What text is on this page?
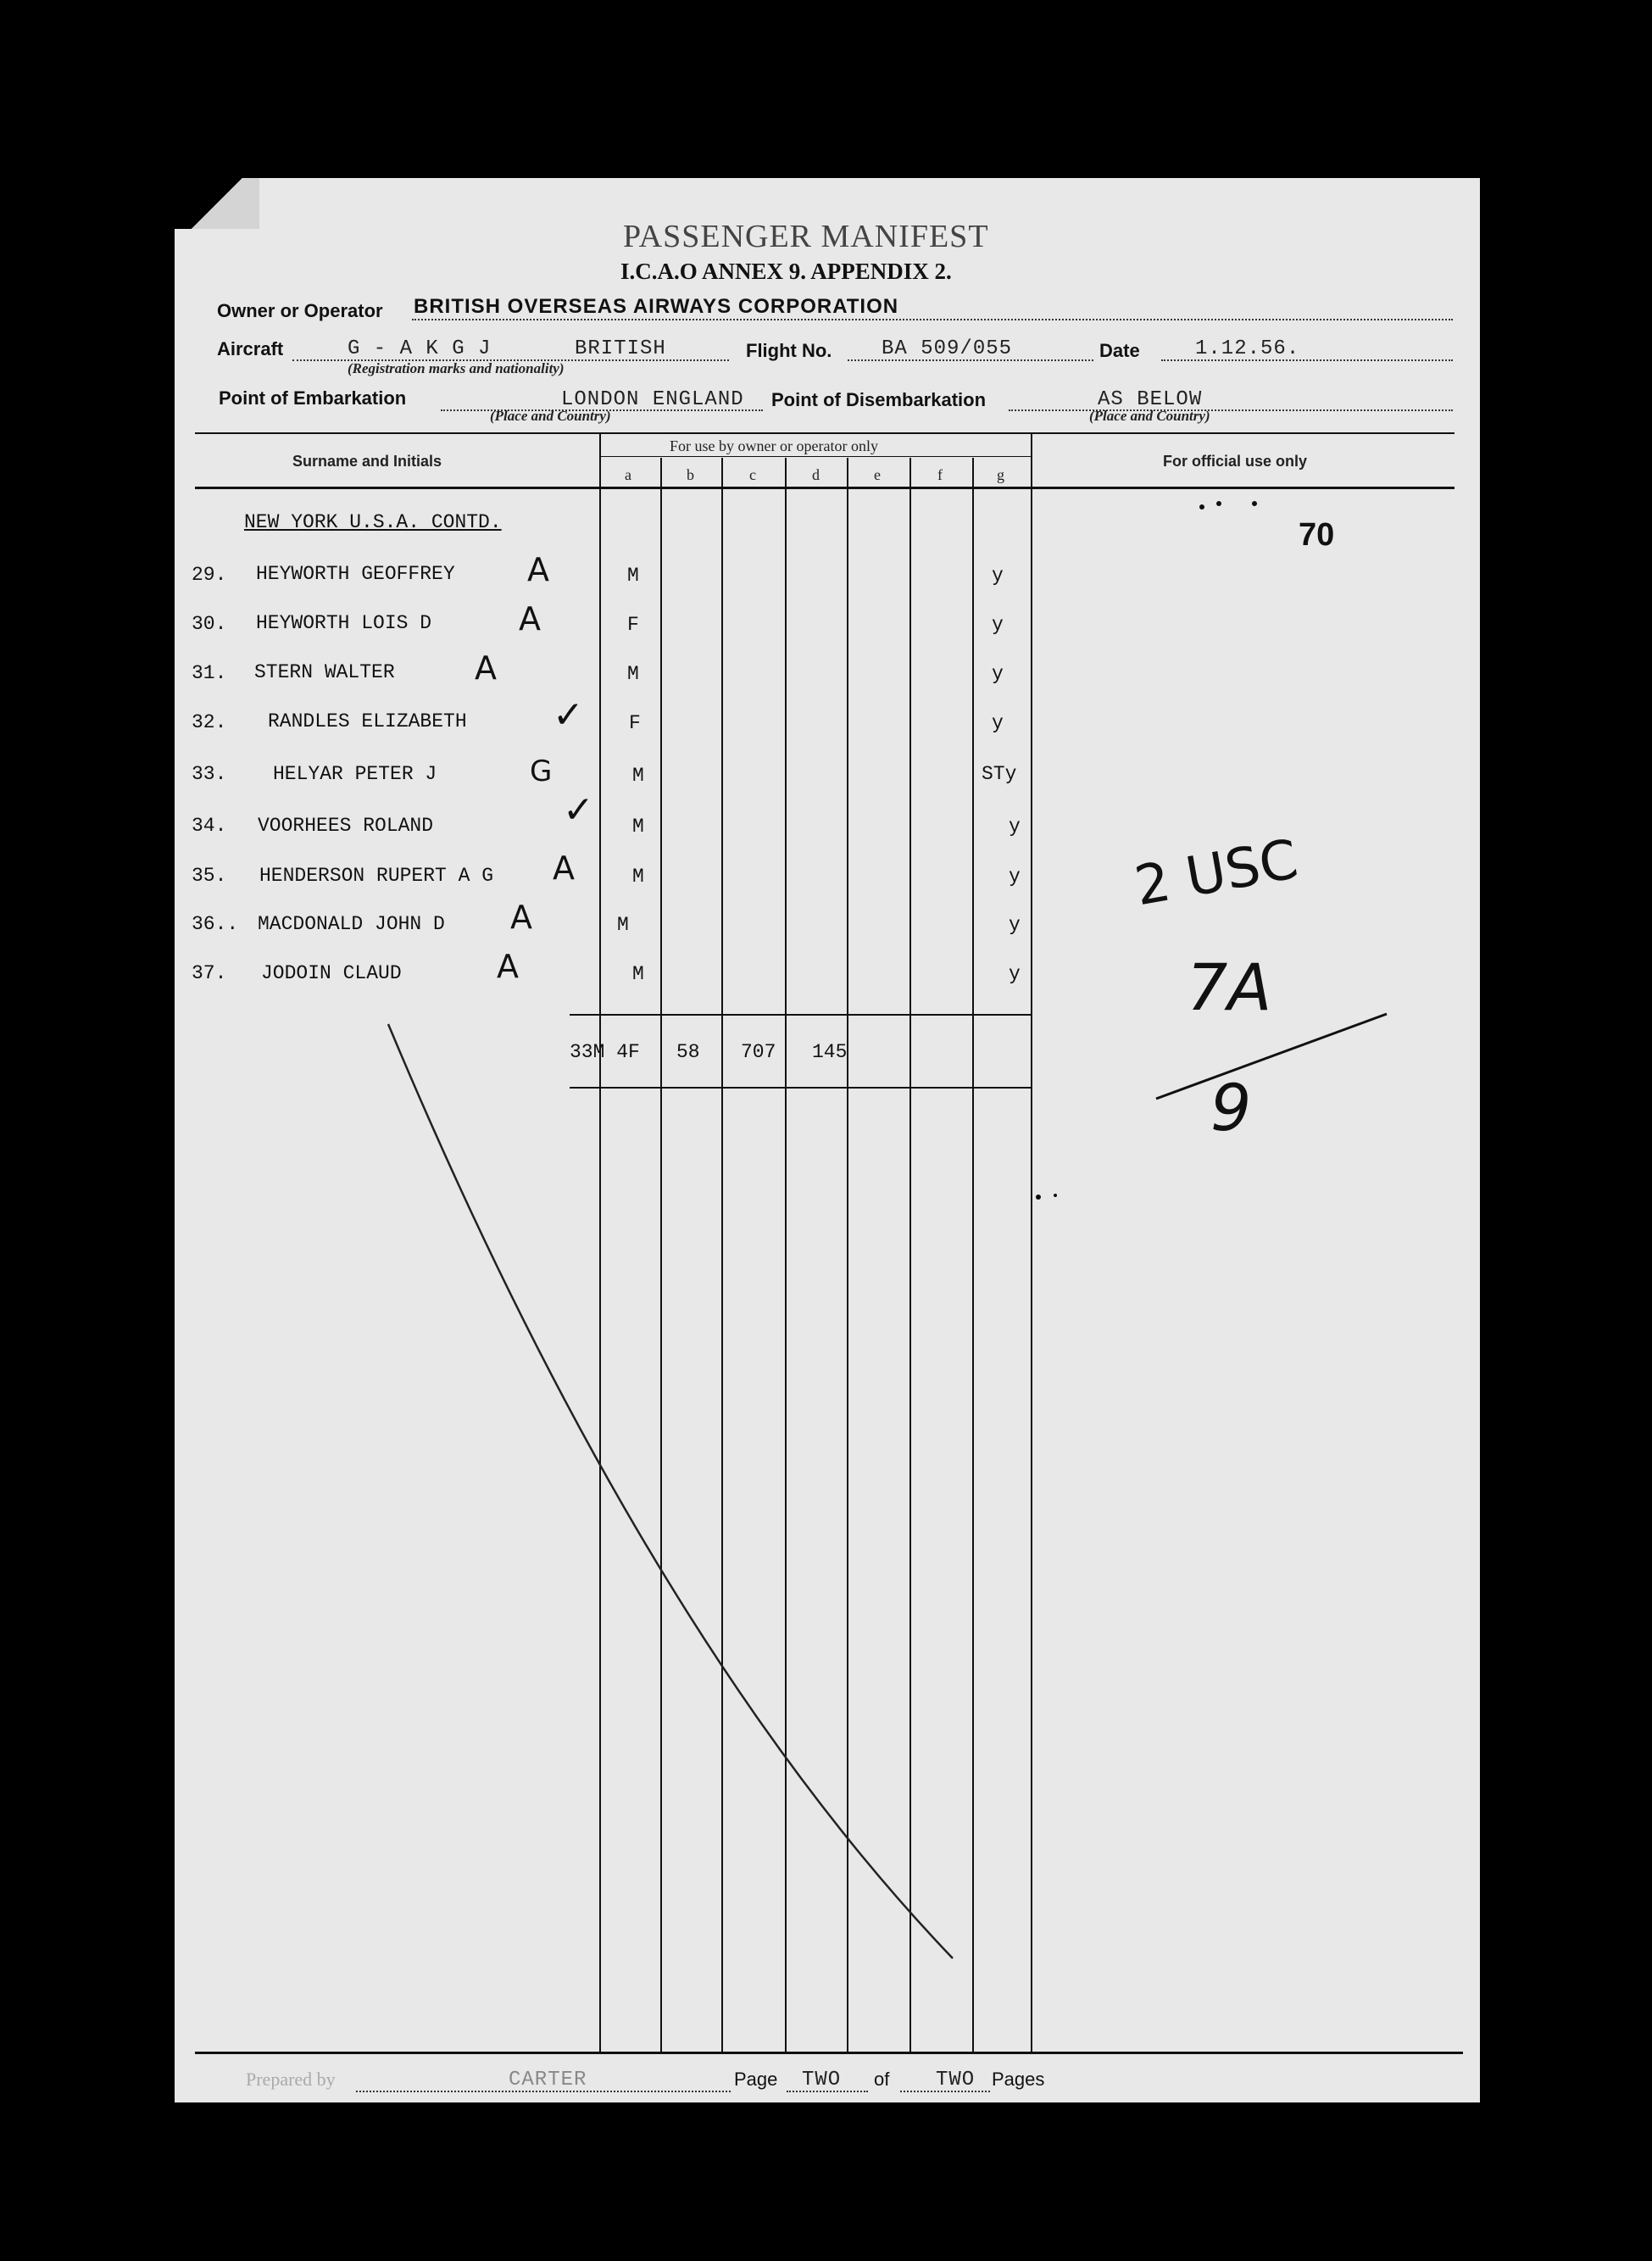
PASSENGER MANIFEST
I.C.A.O ANNEX 9. APPENDIX 2.
Owner or Operator BRITISH OVERSEAS AIRWAYS CORPORATION
Aircraft	G - A K G J	BRITISH
(Registration marks and nationality)
Flight No. BA 509/055	Date	1.12.56.
Point of Embarkation	LONDON ENGLAND
(Place and Country)
Point of Disembarkation	AS BELOW
(Place and Country)
Surname and Initials
For use by owner or operator only
For official use only
a	b	c	d	e	f	g
NEW YORK U.S.A. CONTD.
29. HEYWORTH GEOFFREY A	M	y
30. HEYWORTH LOIS D	A	F	y
31. STERN WALTER A	M	y
32. RANDLES ELIZABETH ✓ F	y
33. HELYAR PETER J	G	M	STy
34. VOORHEES ROLAND	✓ M	y
35. HENDERSON RUPERT A G A	M	y
36.. MACDONALD JOHN D A	M	y
37. JODOIN CLAUD	A	M	y
33M 4F 58 707 145
70
2 USC
7A
9
Prepared by	CARTER	Page TWO of TWO Pages
